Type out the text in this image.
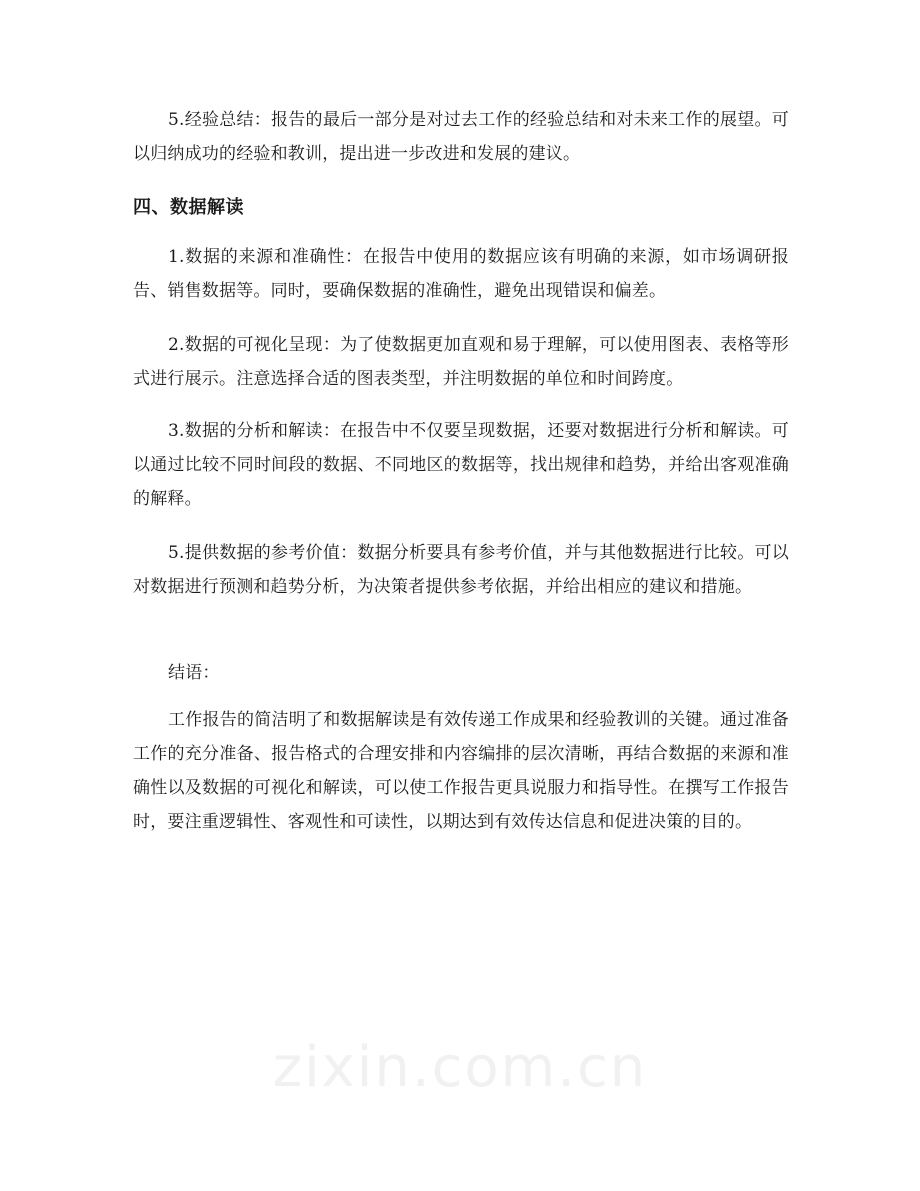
5.经验总结：报告的最后一部分是对过去工作的经验总结和对未来工作的展望。可以归纳成功的经验和教训，提出进一步改进和发展的建议。

四、数据解读

1.数据的来源和准确性：在报告中使用的数据应该有明确的来源，如市场调研报告、销售数据等。同时，要确保数据的准确性，避免出现错误和偏差。

2.数据的可视化呈现：为了使数据更加直观和易于理解，可以使用图表、表格等形式进行展示。注意选择合适的图表类型，并注明数据的单位和时间跨度。

3.数据的分析和解读：在报告中不仅要呈现数据，还要对数据进行分析和解读。可以通过比较不同时间段的数据、不同地区的数据等，找出规律和趋势，并给出客观准确的解释。

5.提供数据的参考价值：数据分析要具有参考价值，并与其他数据进行比较。可以对数据进行预测和趋势分析，为决策者提供参考依据，并给出相应的建议和措施。

结语：

工作报告的简洁明了和数据解读是有效传递工作成果和经验教训的关键。通过准备工作的充分准备、报告格式的合理安排和内容编排的层次清晰，再结合数据的来源和准确性以及数据的可视化和解读，可以使工作报告更具说服力和指导性。在撰写工作报告时，要注重逻辑性、客观性和可读性，以期达到有效传达信息和促进决策的目的。

zixin.com.cn
